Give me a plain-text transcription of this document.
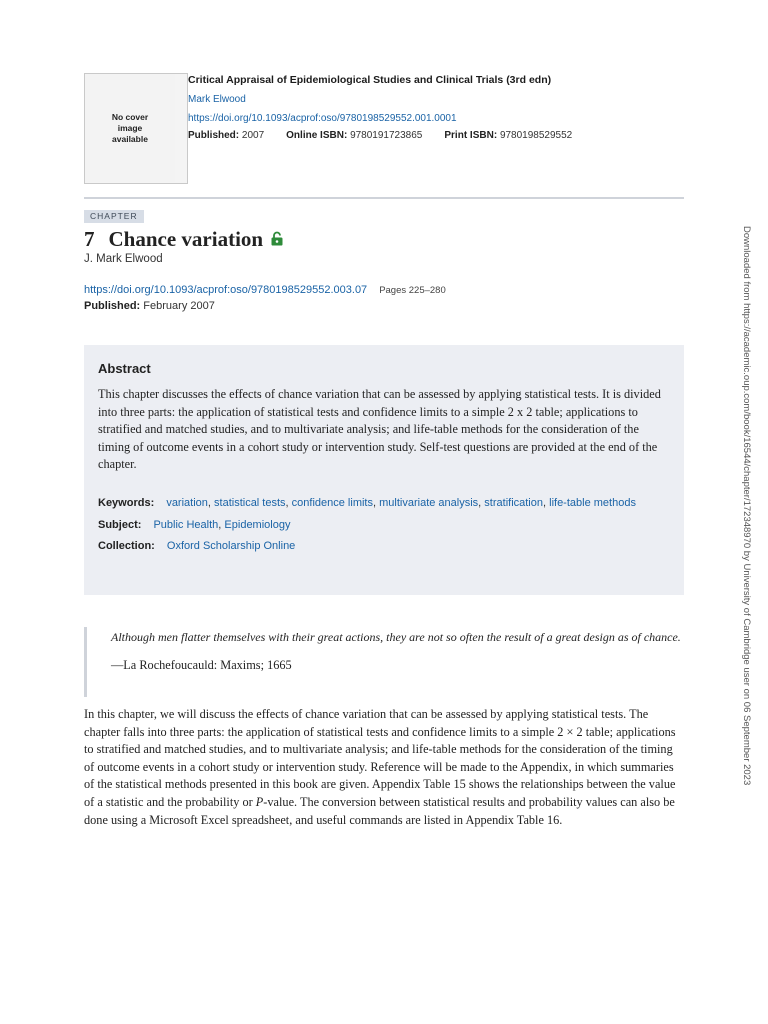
No cover
image
available
Critical Appraisal of Epidemiological Studies and Clinical Trials (3rd edn)
Mark Elwood
https://doi.org/10.1093/acprof:oso/9780198529552.001.0001
Published: 2007 Online ISBN: 9780191723865 Print ISBN: 9780198529552
CHAPTER
7 Chance variation
J. Mark Elwood
https://doi.org/10.1093/acprof:oso/9780198529552.003.07 Pages 225–280
Published: February 2007
Abstract
This chapter discusses the effects of chance variation that can be assessed by applying statistical tests. It is divided into three parts: the application of statistical tests and confidence limits to a simple 2 x 2 table; applications to stratified and matched studies, and to multivariate analysis; and life-table methods for the consideration of the timing of outcome events in a cohort study or intervention study. Self-test questions are provided at the end of the chapter.
Keywords: variation, statistical tests, confidence limits, multivariate analysis, stratification, life-table methods
Subject: Public Health, Epidemiology
Collection: Oxford Scholarship Online
Although men flatter themselves with their great actions, they are not so often the result of a great design as of chance.
—La Rochefoucauld: Maxims; 1665
In this chapter, we will discuss the effects of chance variation that can be assessed by applying statistical tests. The chapter falls into three parts: the application of statistical tests and confidence limits to a simple 2 × 2 table; applications to stratified and matched studies, and to multivariate analysis; and life-table methods for the consideration of the timing of outcome events in a cohort study or intervention study. Reference will be made to the Appendix, in which summaries of the statistical methods presented in this book are given. Appendix Table 15 shows the relationships between the value of a statistic and the probability or P-value. The conversion between statistical results and probability values can also be done using a Microsoft Excel spreadsheet, and useful commands are listed in Appendix Table 16.
Downloaded from https://academic.oup.com/book/16544/chapter/172348970 by University of Cambridge user on 06 September 2023
